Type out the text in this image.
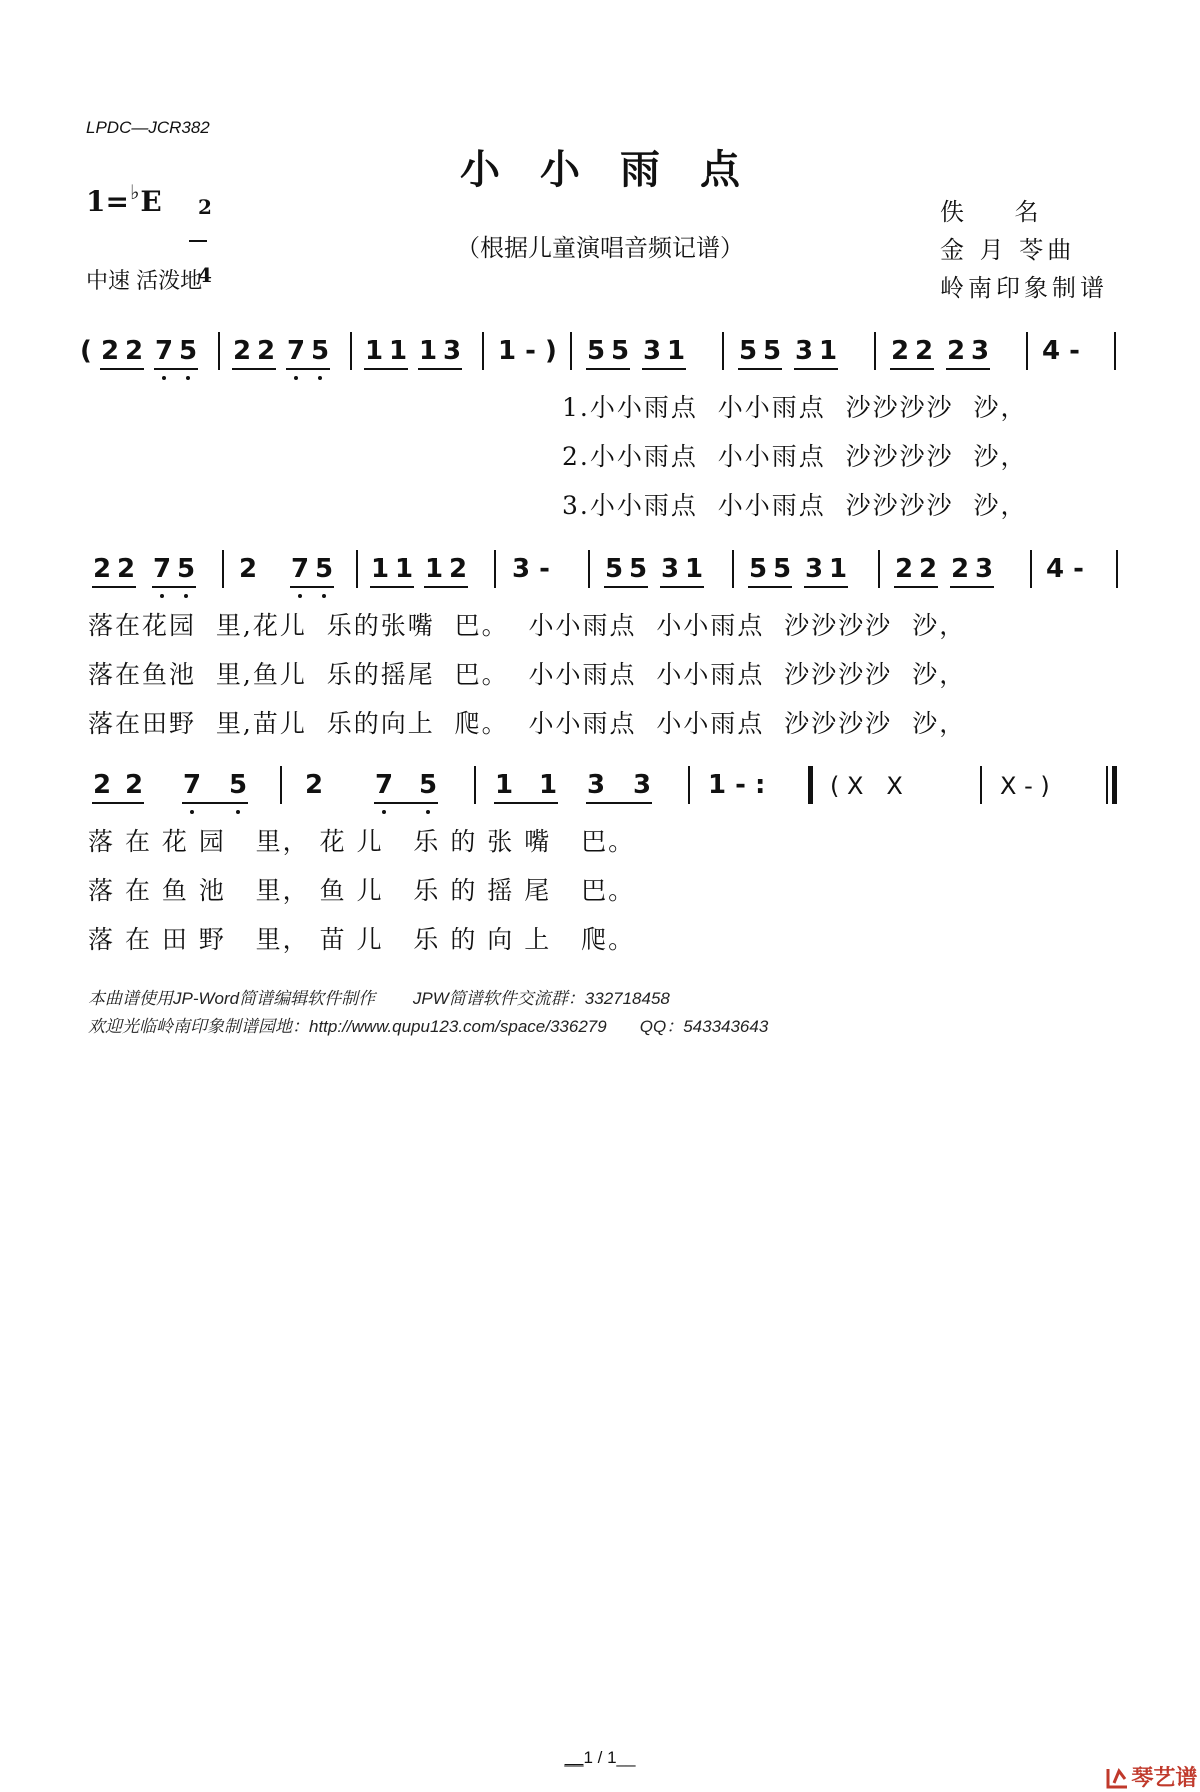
LPDC—JCR382
小小雨点
（根据儿童演唱音频记谱）
1=♭E	2

4

中速 活泼地
佚    名
金 月 苓曲
岭南印象制谱
( 2 2 7 5 2 2 7 5 1 1 1 3 1 - ) 5 5 3 1 5 5 3 1 2 2 2 3 4 -
1.小小雨点  小小雨点  沙沙沙沙  沙，
2.小小雨点  小小雨点  沙沙沙沙  沙，
3.小小雨点  小小雨点  沙沙沙沙  沙，
2 2 7 5 2 7 5 1 1 1 2 3 - 5 5 3 1 5 5 3 1 2 2 2 3 4 -
落在花园  里,花儿  乐的张嘴  巴。  小小雨点  小小雨点  沙沙沙沙  沙，
落在鱼池  里,鱼儿  乐的摇尾  巴。  小小雨点  小小雨点  沙沙沙沙  沙，
落在田野  里,苗儿  乐的向上  爬。  小小雨点  小小雨点  沙沙沙沙  沙，
2 2 7 5 2 7 5 1 1 3 3 1 - :	( X   X	X - )
落 在 花 园   里， 花 儿   乐 的 张 嘴   巴。
落 在 鱼 池   里， 鱼 儿   乐 的 摇 尾   巴。
落 在 田 野   里， 苗 儿   乐 的 向 上   爬。
本曲谱使用JP-Word简谱编辑软件制作        JPW简谱软件交流群：332718458
欢迎光临岭南印象制谱园地：http://www.qupu123.com/space/336279       QQ：543343643
__1 / 1__

琴艺谱
